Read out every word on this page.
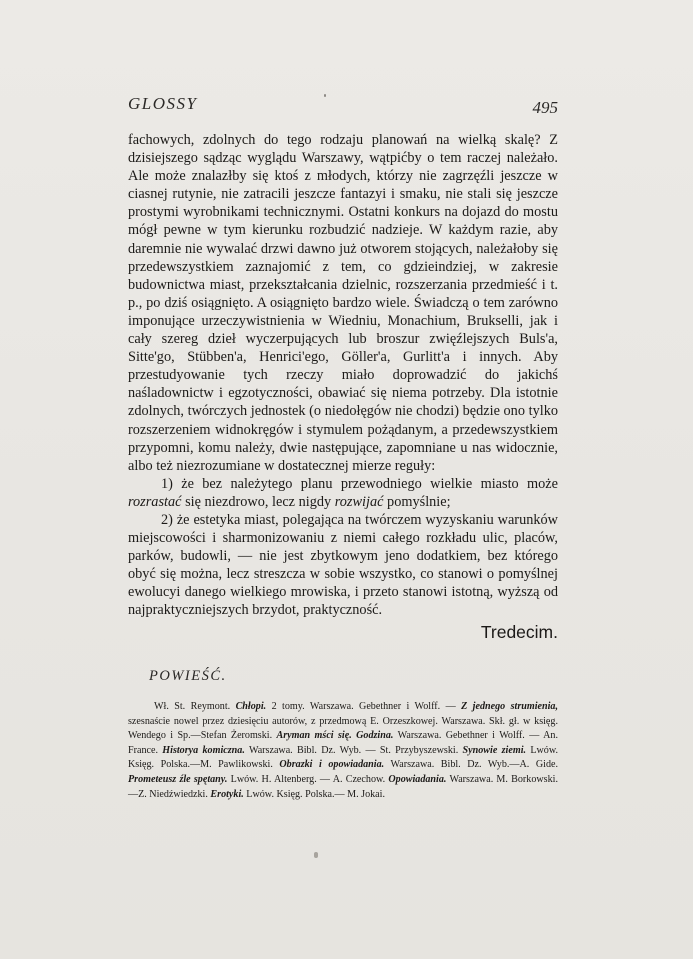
GLOSSY	495

fachowych, zdolnych do tego rodzaju planowań na wielką skalę? Z dzisiejszego sądząc wyglądu Warszawy, wątpićby o tem raczej należało. Ale może znalazłby się ktoś z młodych, którzy nie zagrzęźli jeszcze w ciasnej rutynie, nie zatracili jeszcze fantazyi i smaku, nie stali się jeszcze prostymi wyrobnikami technicznymi. Ostatni konkurs na dojazd do mostu mógł pewne w tym kierunku rozbudzić nadzieje. W każdym razie, aby daremnie nie wywalać drzwi dawno już otworem stojących, należałoby się przedewszystkiem zaznajomić z tem, co gdzieindziej, w zakresie budownictwa miast, przekształcania dzielnic, rozszerzania przedmieść i t. p., po dziś osiągnięto. A osiągnięto bardzo wiele. Świadczą o tem zarówno imponujące urzeczywistnienia w Wiedniu, Monachium, Brukselli, jak i cały szereg dzieł wyczerpujących lub broszur zwięźlejszych Buls'a, Sitte'go, Stübben'a, Henrici'ego, Göller'a, Gurlitt'a i innych. Aby przestudyowanie tych rzeczy miało doprowadzić do jakichś naśladownictw i egzotyczności, obawiać się niema potrzeby. Dla istotnie zdolnych, twórczych jednostek (o niedołęgów nie chodzi) będzie ono tylko rozszerzeniem widnokręgów i stymulem pożądanym, a przedewszystkiem przypomni, komu należy, dwie następujące, zapomniane u nas widocznie, albo też niezrozumiane w dostatecznej mierze reguły:

1) że bez należytego planu przewodniego wielkie miasto może rozrastać się niezdrowo, lecz nigdy rozwijać pomyślnie;

2) że estetyka miast, polegająca na twórczem wyzyskaniu warunków miejscowości i sharmonizowaniu z niemi całego rozkładu ulic, placów, parków, budowli, — nie jest zbytkowym jeno dodatkiem, bez którego obyć się można, lecz streszcza w sobie wszystko, co stanowi o pomyślnej ewolucyi danego wielkiego mrowiska, i przeto stanowi istotną, wyższą od najpraktyczniejszych brzydot, praktyczność.

Tredecim.
POWIEŚĆ.
Wł. St. Reymont. Chłopi. 2 tomy. Warszawa. Gebethner i Wolff. — Z jednego strumienia, szesnaście nowel przez dziesięciu autorów, z przedmową E. Orzeszkowej. Warszawa. Skł. gł. w księg. Wendego i Sp.—Stefan Żeromski. Aryman mści się. Godzina. Warszawa. Gebethner i Wolff. — An. France. Historya komiczna. Warszawa. Bibl. Dz. Wyb. — St. Przybyszewski. Synowie ziemi. Lwów. Księg. Polska.—M. Pawlikowski. Obrazki i opowiadania. Warszawa. Bibl. Dz. Wyb.—A. Gide. Prometeusz źle spętany. Lwów. H. Altenberg. — A. Czechow. Opowiadania. Warszawa. M. Borkowski.—Z. Niedźwiedzki. Erotyki. Lwów. Księg. Polska.— M. Jokai.
